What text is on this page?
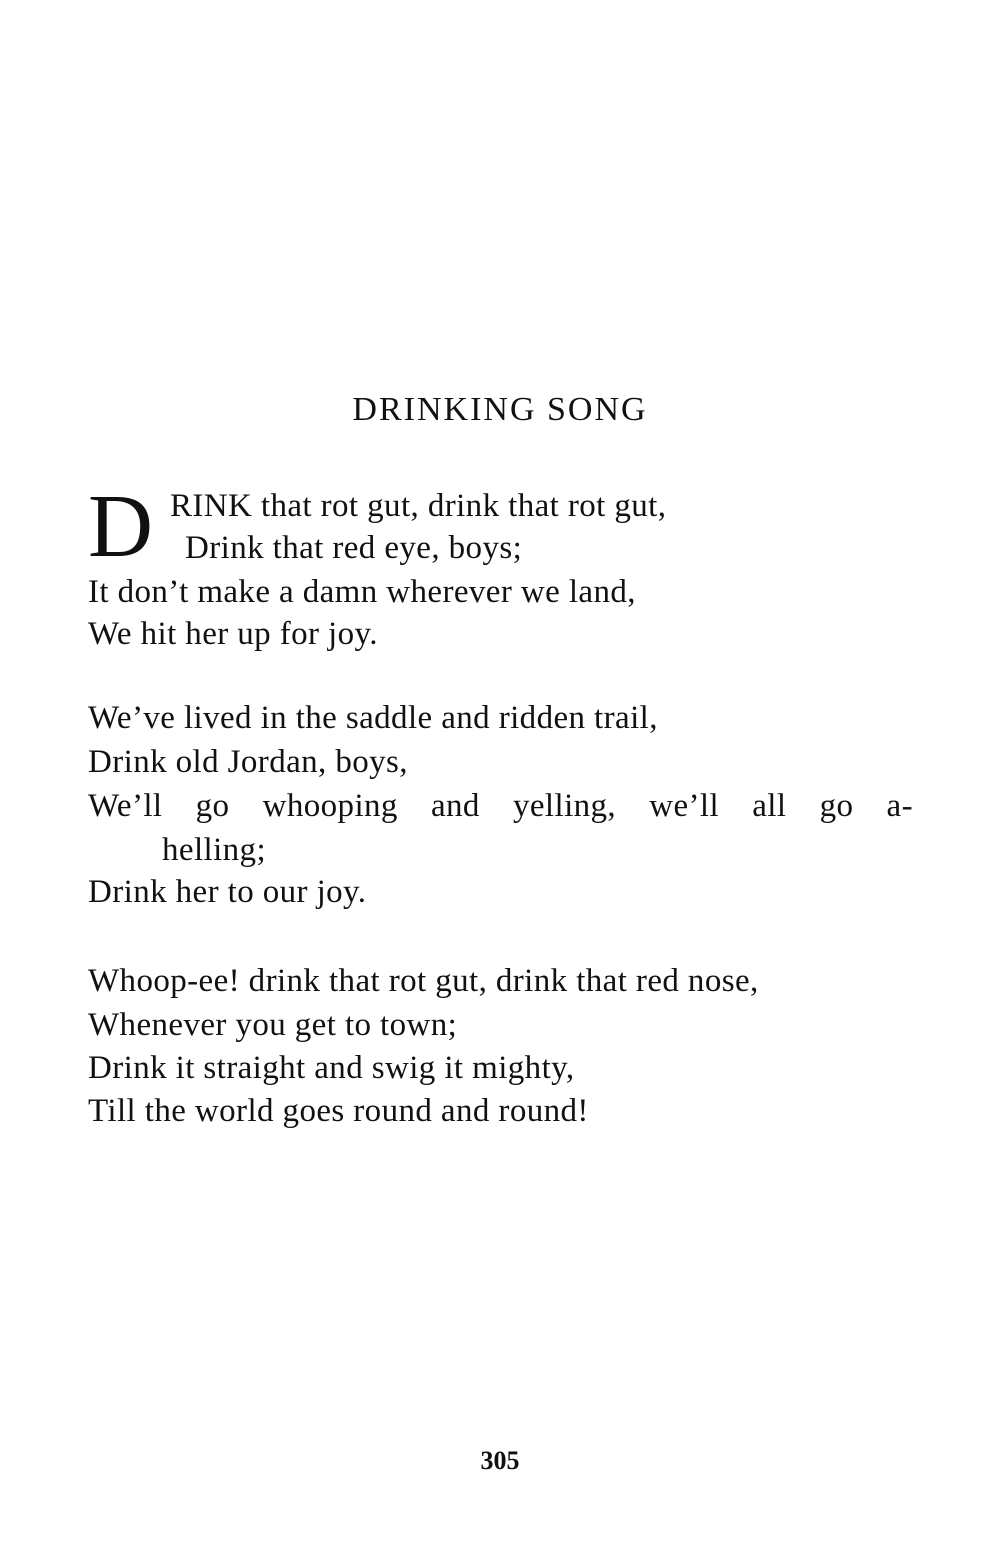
DRINKING SONG
D RINK that rot gut, drink that rot gut,
Drink that red eye, boys;
It don’t make a damn wherever we land,
We hit her up for joy.
We’ve lived in the saddle and ridden trail,
Drink old Jordan, boys,
We’ll go whooping and yelling, we’ll all go a-
helling;
Drink her to our joy.
Whoop-ee! drink that rot gut, drink that red nose,
Whenever you get to town;
Drink it straight and swig it mighty,
Till the world goes round and round!
305
